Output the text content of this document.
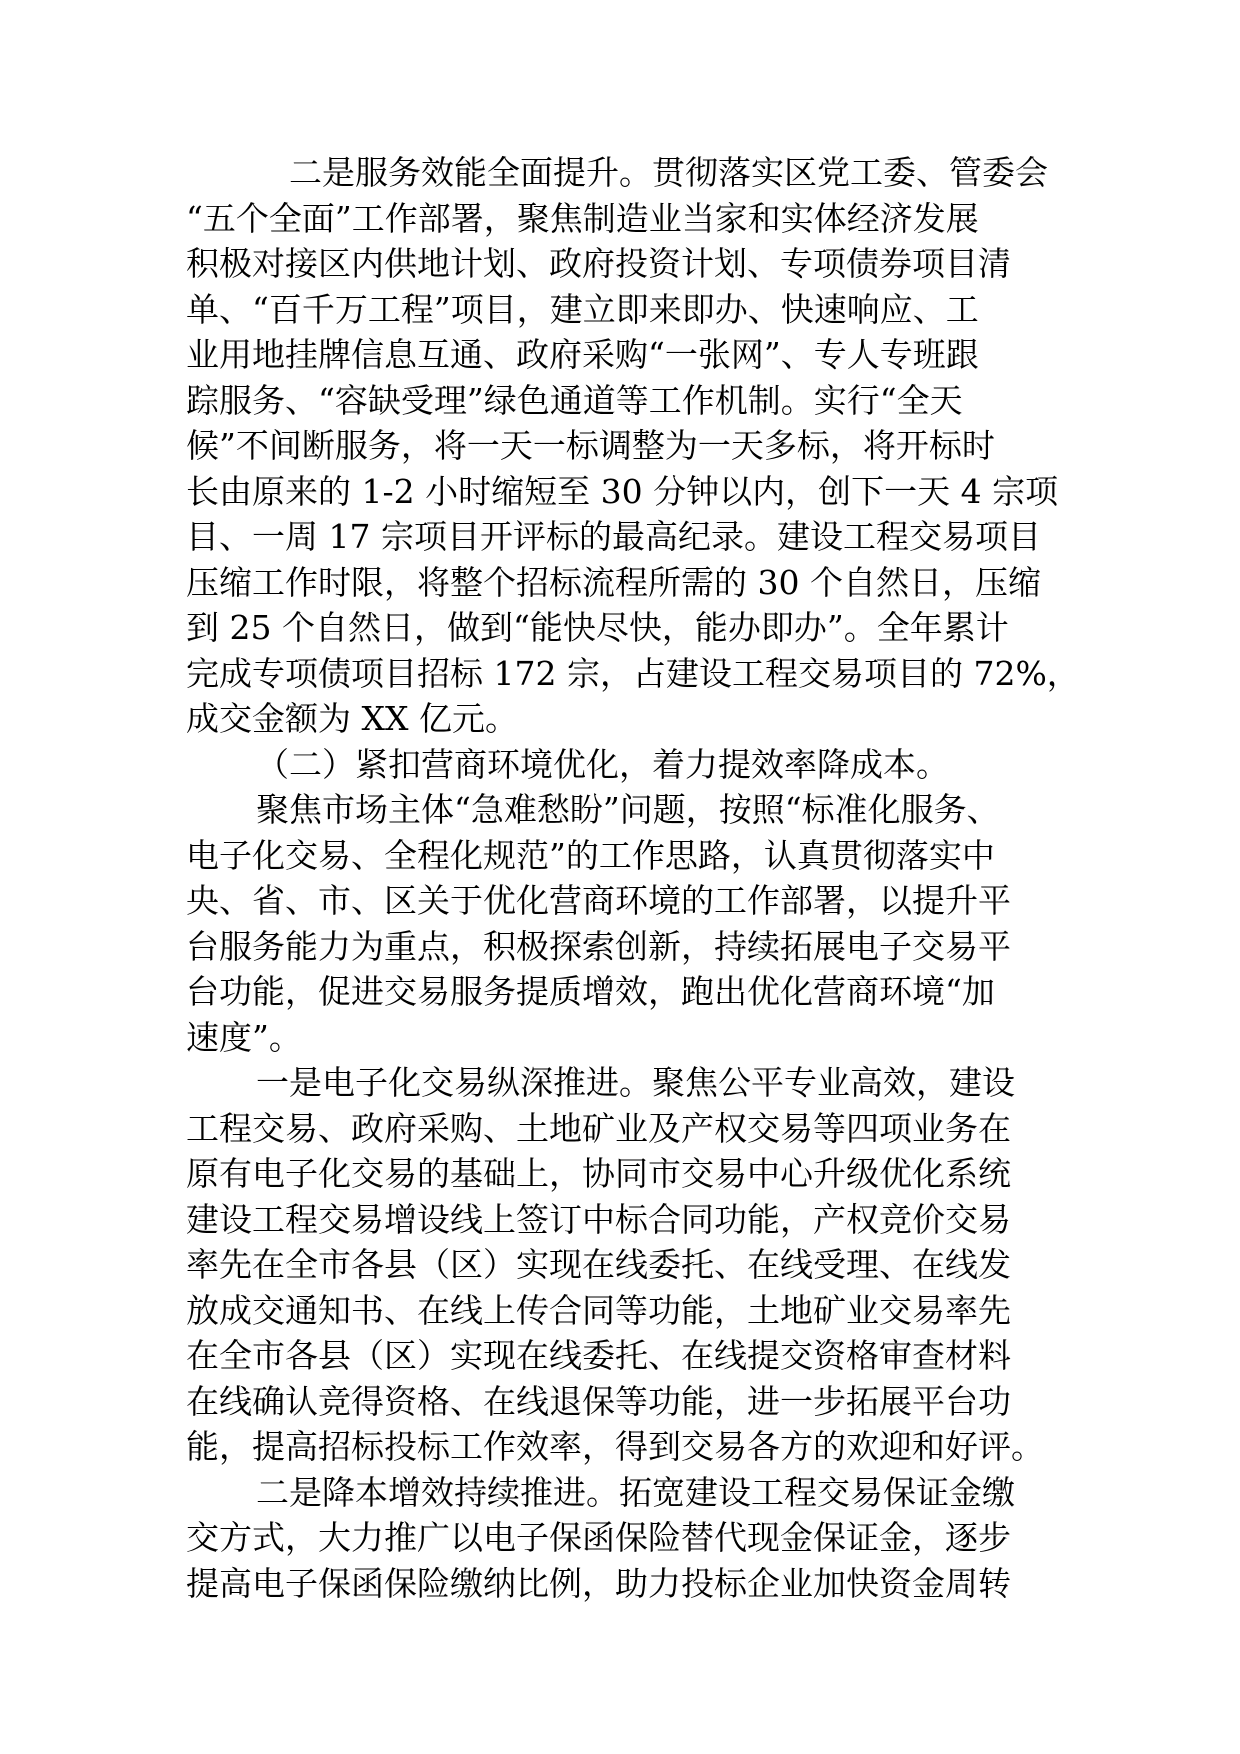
　二是服务效能全面提升。贯彻落实区党工委、管委会
“五个全面”工作部署，聚焦制造业当家和实体经济发展
积极对接区内供地计划、政府投资计划、专项债券项目清
单、“百千万工程”项目，建立即来即办、快速响应、工
业用地挂牌信息互通、政府采购“一张网”、专人专班跟
踪服务、“容缺受理”绿色通道等工作机制。实行“全天
候”不间断服务，将一天一标调整为一天多标，将开标时
长由原来的 1-2 小时缩短至 30 分钟以内，创下一天 4 宗项
目、一周 17 宗项目开评标的最高纪录。建设工程交易项目
压缩工作时限，将整个招标流程所需的 30 个自然日，压缩
到 25 个自然日，做到“能快尽快，能办即办”。全年累计
完成专项债项目招标 172 宗，占建设工程交易项目的 72%，
成交金额为 XX 亿元。
（二）紧扣营商环境优化，着力提效率降成本。
聚焦市场主体“急难愁盼”问题，按照“标准化服务、
电子化交易、全程化规范”的工作思路，认真贯彻落实中
央、省、市、区关于优化营商环境的工作部署，以提升平
台服务能力为重点，积极探索创新，持续拓展电子交易平
台功能，促进交易服务提质增效，跑出优化营商环境“加
速度”。
一是电子化交易纵深推进。聚焦公平专业高效，建设
工程交易、政府采购、土地矿业及产权交易等四项业务在
原有电子化交易的基础上，协同市交易中心升级优化系统
建设工程交易增设线上签订中标合同功能，产权竞价交易
率先在全市各县（区）实现在线委托、在线受理、在线发
放成交通知书、在线上传合同等功能，土地矿业交易率先
在全市各县（区）实现在线委托、在线提交资格审查材料
在线确认竞得资格、在线退保等功能，进一步拓展平台功
能，提高招标投标工作效率，得到交易各方的欢迎和好评。
二是降本增效持续推进。拓宽建设工程交易保证金缴
交方式，大力推广以电子保函保险替代现金保证金，逐步
提高电子保函保险缴纳比例，助力投标企业加快资金周转
